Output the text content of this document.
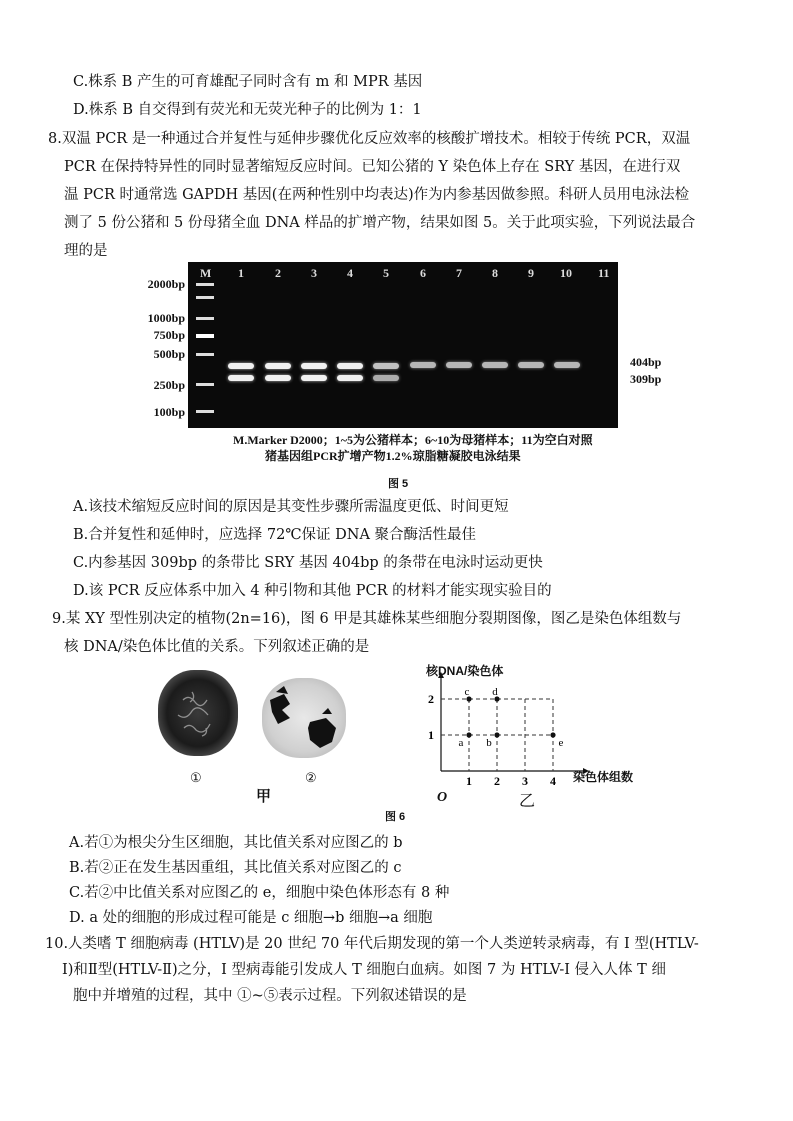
C.株系 B 产生的可育雄配子同时含有 m 和 MPR 基因
D.株系 B 自交得到有荧光和无荧光种子的比例为 1：1
8.双温 PCR 是一种通过合并复性与延伸步骤优化反应效率的核酸扩增技术。相较于传统 PCR，双温
PCR 在保持特异性的同时显著缩短反应时间。已知公猪的 Y 染色体上存在 SRY 基因，在进行双
温 PCR 时通常选 GAPDH 基因(在两种性别中均表达)作为内参基因做参照。科研人员用电泳法检
测了 5 份公猪和 5 份母猪全血 DNA 样品的扩增产物，结果如图 5。关于此项实验，下列说法最合
理的是
2000bp
1000bp
750bp
500bp
250bp
100bp
M 1	2	3	4	5	6	7	8	9 10 11
404bp
309bp
M.Marker D2000；1~5为公猪样本；6~10为母猪样本；11为空白对照
猪基因组PCR扩增产物1.2%琼脂糖凝胶电泳结果
图 5
A.该技术缩短反应时间的原因是其变性步骤所需温度更低、时间更短
B.合并复性和延伸时，应选择 72℃保证 DNA 聚合酶活性最佳
C.内参基因 309bp 的条带比 SRY 基因 404bp 的条带在电泳时运动更快
D.该 PCR 反应体系中加入 4 种引物和其他 PCR 的材料才能实现实验目的
9.某 XY 型性别决定的植物(2n=16)，图 6 甲是其雄株某些细胞分裂期图像，图乙是染色体组数与
核 DNA/染色体比值的关系。下列叙述正确的是
①	②
甲
1 2 3 4
1
2
a b
c d
e
核DNA/染色体
染色体组数
O	乙
图 6
A.若①为根尖分生区细胞，其比值关系对应图乙的 b
B.若②正在发生基因重组，其比值关系对应图乙的 c
C.若②中比值关系对应图乙的 e，细胞中染色体形态有 8 种
D. a 处的细胞的形成过程可能是 c 细胞→b 细胞→a 细胞
10.人类嗜 T 细胞病毒 (HTLV)是 20 世纪 70 年代后期发现的第一个人类逆转录病毒，有 I 型(HTLV-
Ⅰ)和Ⅱ型(HTLV-Ⅱ)之分，I 型病毒能引发成人 T 细胞白血病。如图 7 为 HTLV-I 侵入人体 T 细
胞中并增殖的过程，其中 ①~⑤表示过程。下列叙述错误的是
